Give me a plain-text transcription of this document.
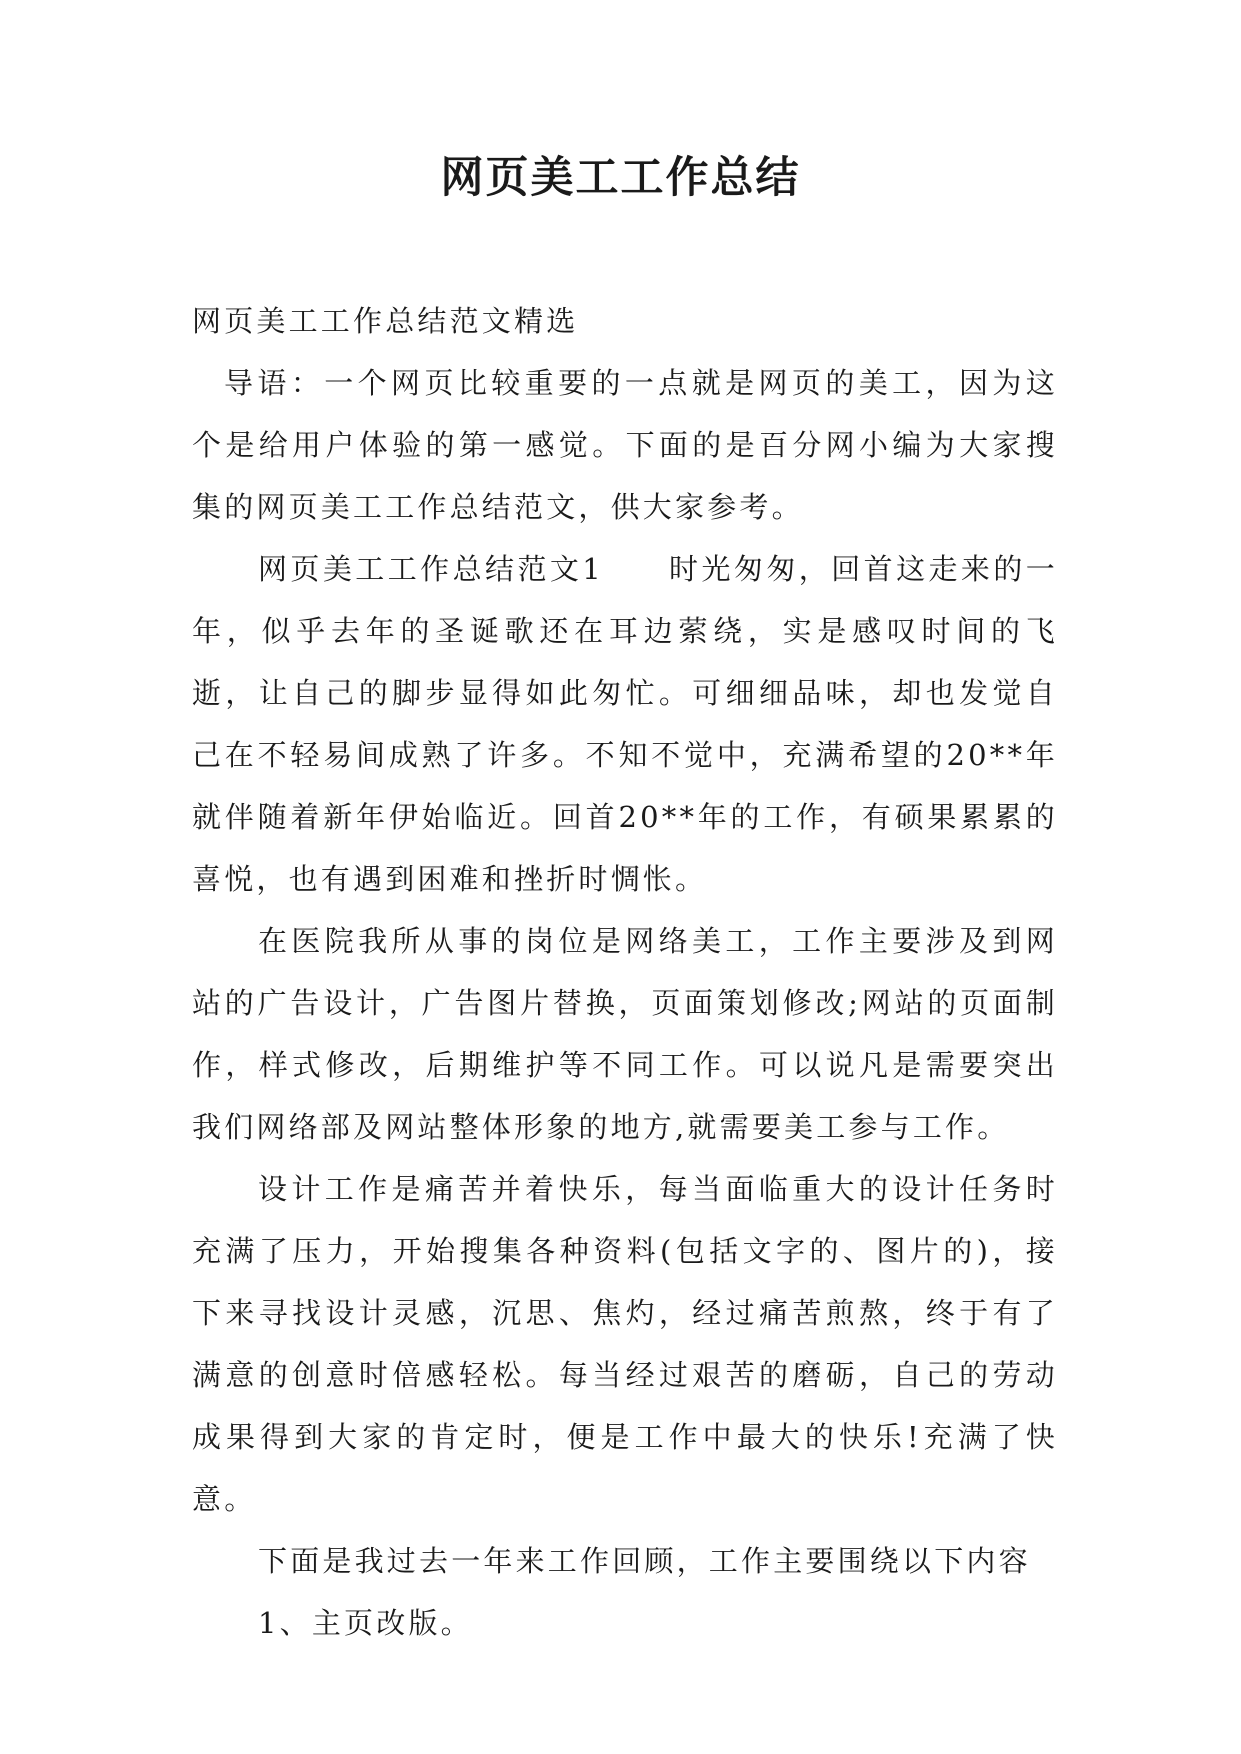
网页美工工作总结

网页美工工作总结范文精选

导语：一个网页比较重要的一点就是网页的美工，因为这个是给用户体验的第一感觉。下面的是百分网小编为大家搜集的网页美工工作总结范文，供大家参考。

网页美工工作总结范文1　　时光匆匆，回首这走来的一年，似乎去年的圣诞歌还在耳边萦绕，实是感叹时间的飞逝，让自己的脚步显得如此匆忙。可细细品味，却也发觉自己在不轻易间成熟了许多。不知不觉中，充满希望的20**年就伴随着新年伊始临近。回首20**年的工作，有硕果累累的喜悦，也有遇到困难和挫折时惆怅。

在医院我所从事的岗位是网络美工，工作主要涉及到网站的广告设计，广告图片替换，页面策划修改;网站的页面制作，样式修改，后期维护等不同工作。可以说凡是需要突出我们网络部及网站整体形象的地方,就需要美工参与工作。

设计工作是痛苦并着快乐，每当面临重大的设计任务时充满了压力，开始搜集各种资料(包括文字的、图片的)，接下来寻找设计灵感，沉思、焦灼，经过痛苦煎熬，终于有了满意的创意时倍感轻松。每当经过艰苦的磨砺，自己的劳动成果得到大家的肯定时，便是工作中最大的快乐!充满了快意。

下面是我过去一年来工作回顾，工作主要围绕以下内容

1、主页改版。
